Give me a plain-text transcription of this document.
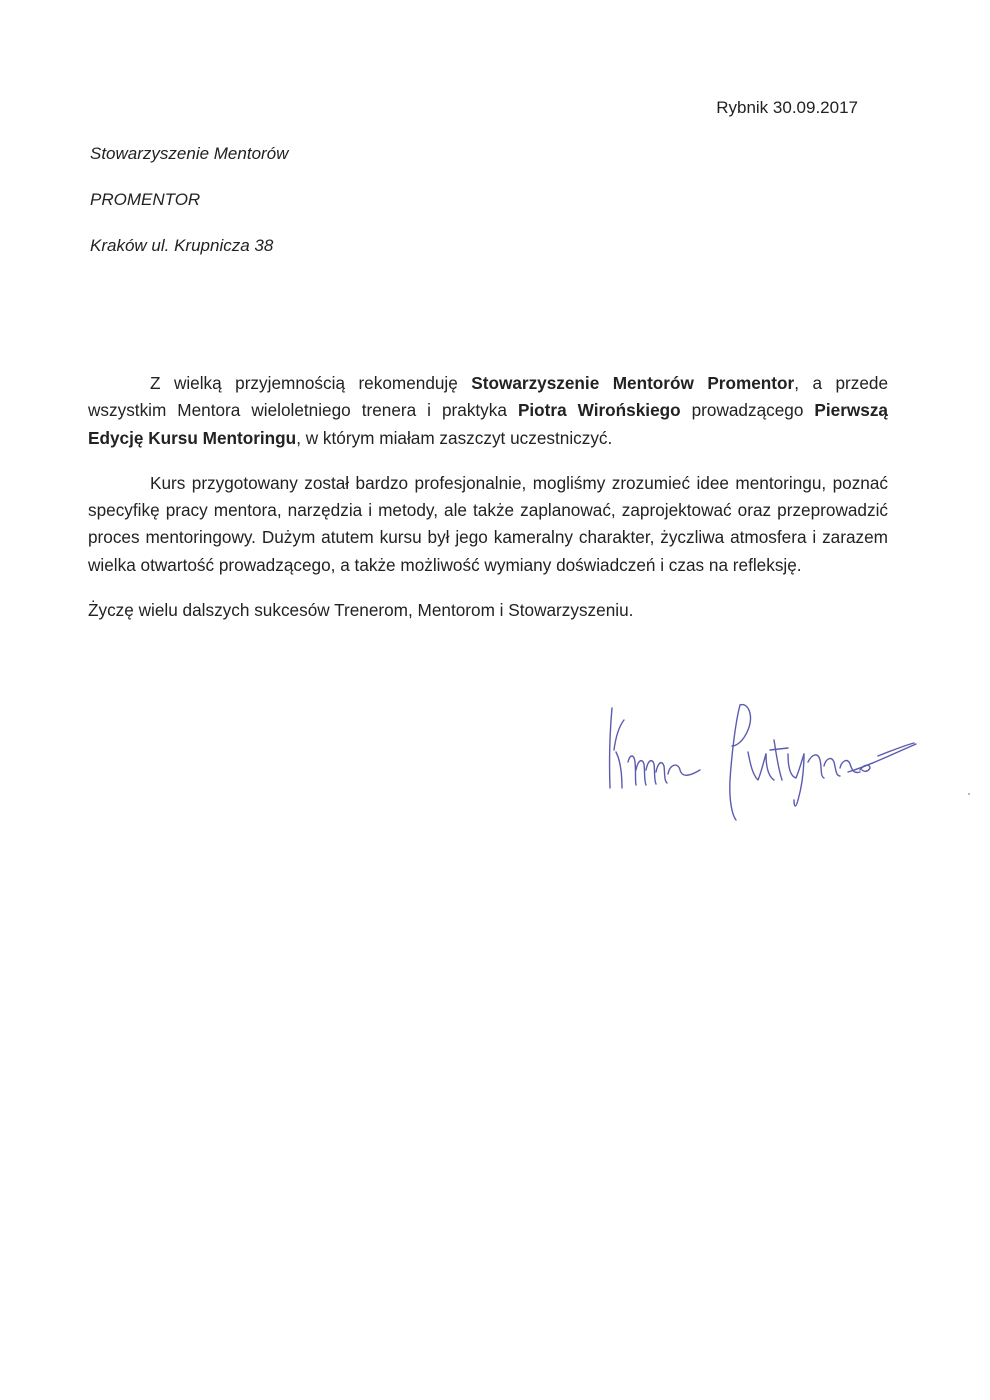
Rybnik 30.09.2017
Stowarzyszenie Mentorów
PROMENTOR
Kraków ul. Krupnicza 38

Z wielką przyjemnością rekomenduję Stowarzyszenie Mentorów Promentor, a przede wszystkim Mentora wieloletniego trenera i praktyka Piotra Wirońskiego prowadzącego Pierwszą Edycję Kursu Mentoringu, w którym miałam zaszczyt uczestniczyć.

Kurs przygotowany został bardzo profesjonalnie, mogliśmy zrozumieć idee mentoringu, poznać specyfikę pracy mentora, narzędzia i metody, ale także zaplanować, zaprojektować oraz przeprowadzić proces mentoringowy. Dużym atutem kursu był jego kameralny charakter, życzliwa atmosfera i zarazem wielka otwartość prowadzącego, a także możliwość wymiany doświadczeń i czas na refleksję.

Życzę wielu dalszych sukcesów Trenerom, Mentorom i Stowarzyszeniu.
